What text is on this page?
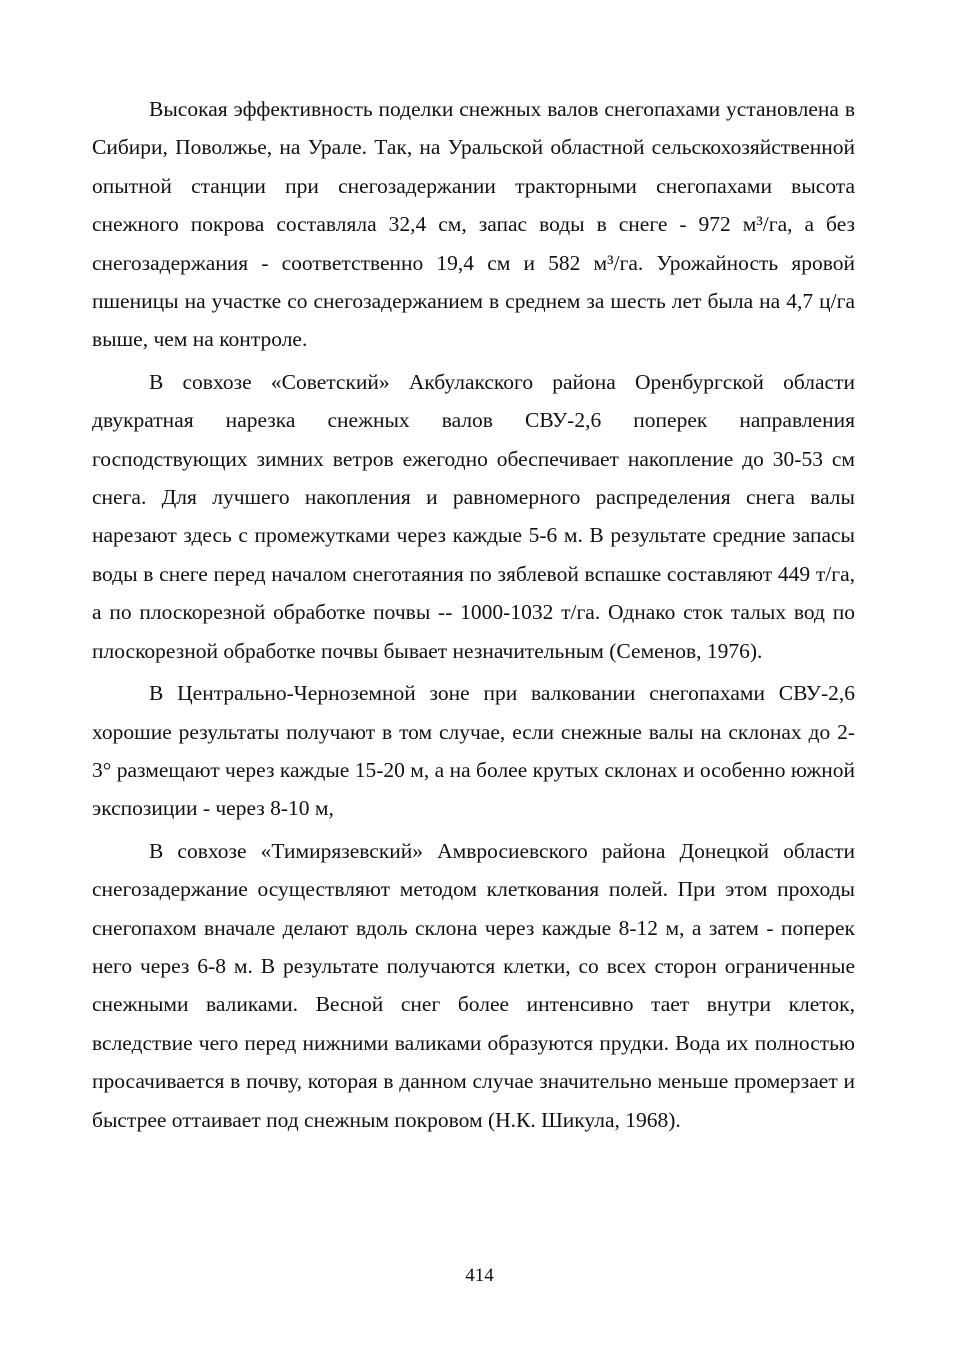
Высокая эффективность поделки снежных валов снегопахами установлена в Сибири, Поволжье, на Урале. Так, на Уральской областной сельскохозяйственной опытной станции при снегозадержании тракторными снегопахами высота снежного покрова составляла 32,4 см, запас воды в снеге - 972 м³/га, а без снегозадержания - соответственно 19,4 см и 582 м³/га. Урожайность яровой пшеницы на участке со снегозадержанием в среднем за шесть лет была на 4,7 ц/га выше, чем на контроле.

В совхозе «Советский» Акбулакского района Оренбургской области двукратная нарезка снежных валов СВУ-2,6 поперек направления господствующих зимних ветров ежегодно обеспечивает накопление до 30-53 см снега. Для лучшего накопления и равномерного распределения снега валы нарезают здесь с промежутками через каждые 5-6 м. В результате средние запасы воды в снеге перед началом снеготаяния по зяблевой вспашке составляют 449 т/га, а по плоскорезной обработке почвы -- 1000-1032 т/га. Однако сток талых вод по плоскорезной обработке почвы бывает незначительным (Семенов, 1976).

В Центрально-Черноземной зоне при валковании снегопахами СВУ-2,6 хорошие результаты получают в том случае, если снежные валы на склонах до 2-3° размещают через каждые 15-20 м, а на более крутых склонах и особенно южной экспозиции - через 8-10 м,

В совхозе «Тимирязевский» Амвросиевского района Донецкой области снегозадержание осуществляют методом клеткования полей. При этом проходы снегопахом вначале делают вдоль склона через каждые 8-12 м, а затем - поперек него через 6-8 м. В результате получаются клетки, со всех сторон ограниченные снежными валиками. Весной снег более интенсивно тает внутри клеток, вследствие чего перед нижними валиками образуются прудки. Вода их полностью просачивается в почву, которая в данном случае значительно меньше промерзает и быстрее оттаивает под снежным покровом (Н.К. Шикула, 1968).

414
